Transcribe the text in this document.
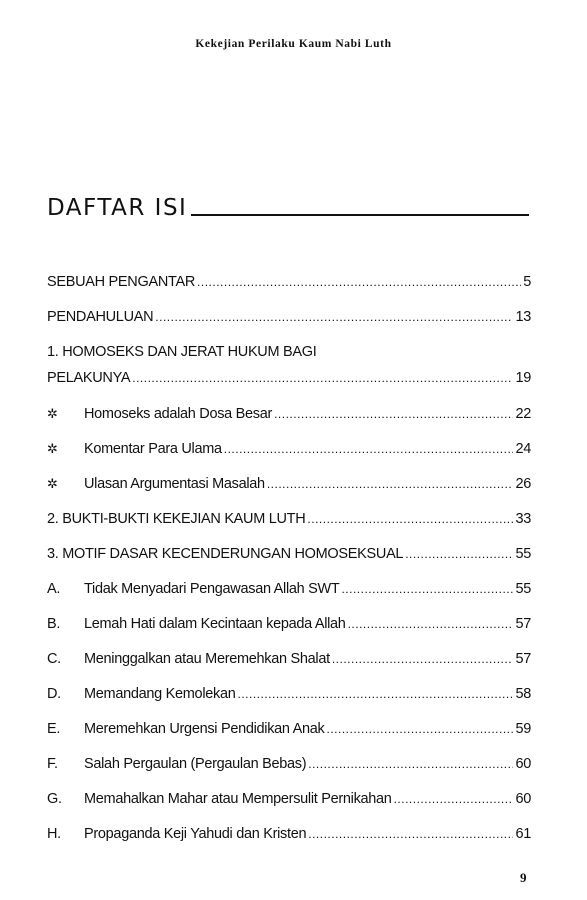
Kekejian Perilaku Kaum Nabi Luth
DAFTAR ISI
SEBUAH PENGANTAR .....	5
PENDAHULUAN .....	13
1. HOMOSEKS DAN JERAT HUKUM BAGI
PELAKUNYA .....	19
✲	Homoseks adalah Dosa Besar .....	22
✲	Komentar Para Ulama .....	24
✲	Ulasan Argumentasi Masalah .....	26
2. BUKTI-BUKTI KEKEJIAN KAUM LUTH .....	33
3. MOTIF DASAR KECENDERUNGAN HOMOSEKSUAL .....	55
A.	Tidak Menyadari Pengawasan Allah SWT .....	55
B.	Lemah Hati dalam Kecintaan kepada Allah .....	57
C.	Meninggalkan atau Meremehkan Shalat .....	57
D.	Memandang Kemolekan .....	58
E.	Meremehkan Urgensi Pendidikan Anak .....	59
F.	Salah Pergaulan (Pergaulan Bebas) .....	60
G.	Memahalkan Mahar atau Mempersulit Pernikahan .....	60
H.	Propaganda Keji Yahudi dan Kristen .....	61
9
